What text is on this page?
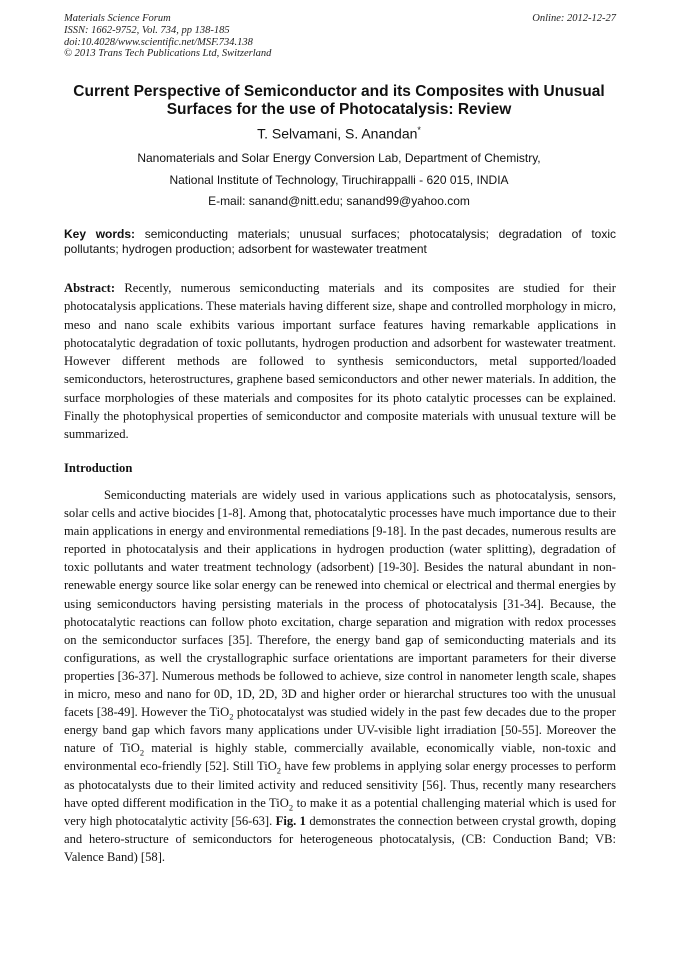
Materials Science Forum
ISSN: 1662-9752, Vol. 734, pp 138-185
doi:10.4028/www.scientific.net/MSF.734.138
© 2013 Trans Tech Publications Ltd, Switzerland
Online: 2012-12-27
Current Perspective of Semiconductor and its Composites with Unusual Surfaces for the use of Photocatalysis: Review
T. Selvamani, S. Anandan*
Nanomaterials and Solar Energy Conversion Lab, Department of Chemistry,
National Institute of Technology, Tiruchirappalli - 620 015, INDIA
E-mail: sanand@nitt.edu; sanand99@yahoo.com
Key words: semiconducting materials; unusual surfaces; photocatalysis; degradation of toxic pollutants; hydrogen production; adsorbent for wastewater treatment
Abstract: Recently, numerous semiconducting materials and its composites are studied for their photocatalysis applications. These materials having different size, shape and controlled morphology in micro, meso and nano scale exhibits various important surface features having remarkable applications in photocatalytic degradation of toxic pollutants, hydrogen production and adsorbent for wastewater treatment. However different methods are followed to synthesis semiconductors, metal supported/loaded semiconductors, heterostructures, graphene based semiconductors and other newer materials. In addition, the surface morphologies of these materials and composites for its photo catalytic processes can be explained. Finally the photophysical properties of semiconductor and composite materials with unusual texture will be summarized.
Introduction
Semiconducting materials are widely used in various applications such as photocatalysis, sensors, solar cells and active biocides [1-8]. Among that, photocatalytic processes have much importance due to their main applications in energy and environmental remediations [9-18]. In the past decades, numerous results are reported in photocatalysis and their applications in hydrogen production (water splitting), degradation of toxic pollutants and water treatment technology (adsorbent) [19-30]. Besides the natural abundant in non-renewable energy source like solar energy can be renewed into chemical or electrical and thermal energies by using semiconductors having persisting materials in the process of photocatalysis [31-34]. Because, the photocatalytic reactions can follow photo excitation, charge separation and migration with redox processes on the semiconductor surfaces [35]. Therefore, the energy band gap of semiconducting materials and its configurations, as well the crystallographic surface orientations are important parameters for their diverse properties [36-37]. Numerous methods be followed to achieve, size control in nanometer length scale, shapes in micro, meso and nano for 0D, 1D, 2D, 3D and higher order or hierarchal structures too with the unusual facets [38-49]. However the TiO$_2$ photocatalyst was studied widely in the past few decades due to the proper energy band gap which favors many applications under UV-visible light irradiation [50-55]. Moreover the nature of TiO$_2$ material is highly stable, commercially available, economically viable, non-toxic and environmental eco-friendly [52]. Still TiO$_2$ have few problems in applying solar energy processes to perform as photocatalysts due to their limited activity and reduced sensitivity [56]. Thus, recently many researchers have opted different modification in the TiO$_2$ to make it as a potential challenging material which is used for very high photocatalytic activity [56-63]. Fig. 1 demonstrates the connection between crystal growth, doping and hetero-structure of semiconductors for heterogeneous photocatalysis, (CB: Conduction Band; VB: Valence Band) [58].
